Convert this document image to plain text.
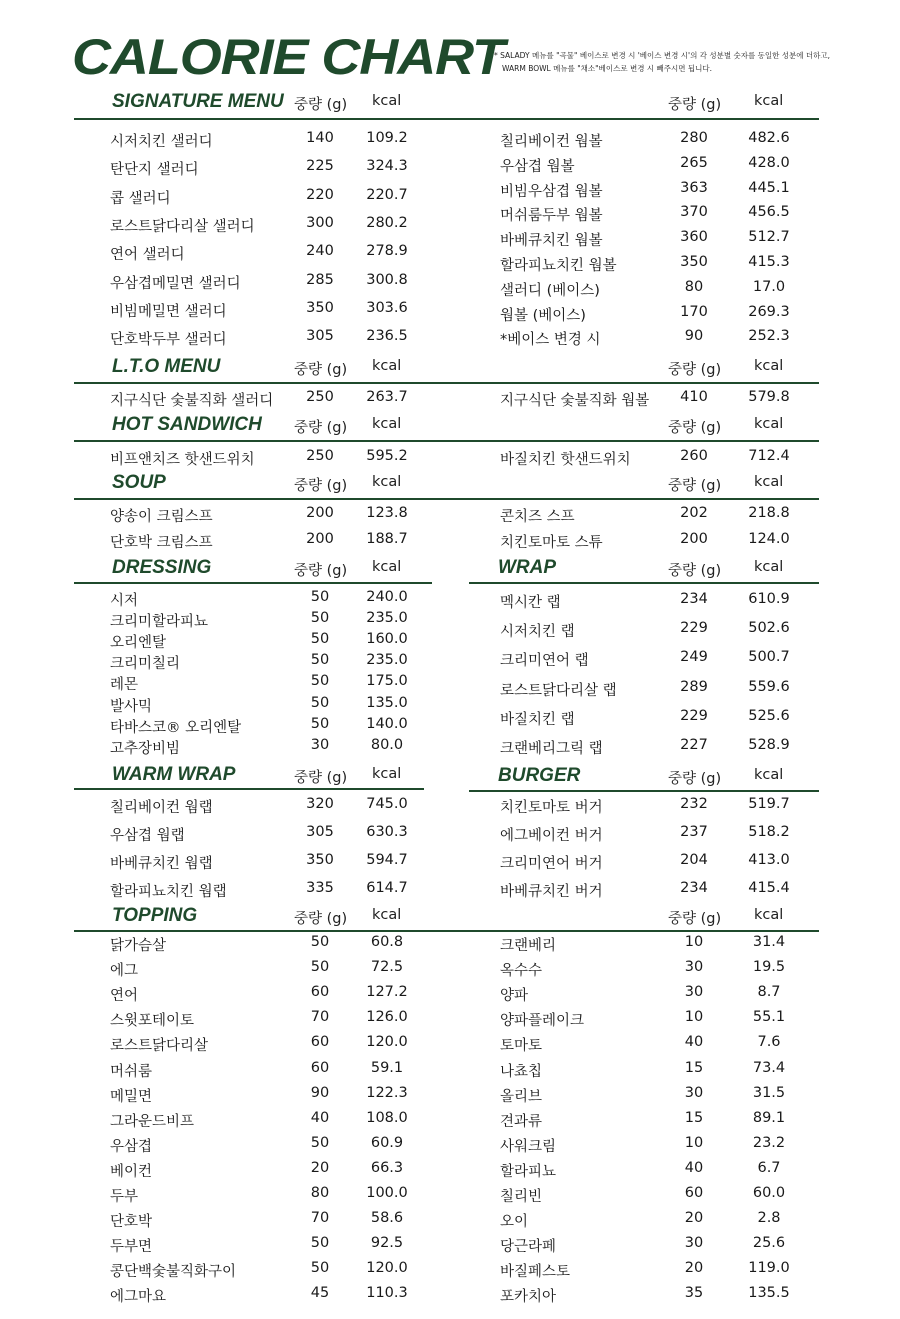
CALORIE CHART
* SALADY 메뉴를 "곡물" 베이스로 변경 시 '베이스 변경 시'의 각 성분별 숫자를 동일한 성분에 더하고,
WARM BOWL 메뉴를 "채소"베이스로 변경 시 빼주시면 됩니다.
SIGNATURE MENU 중량 (g) kcal	중량 (g) kcal
시저치킨 샐러디	140	109.2
탄단지 샐러디	225	324.3
콥 샐러디	220	220.7
로스트닭다리살 샐러디	300	280.2
연어 샐러디	240	278.9
우삼겹메밀면 샐러디	285	300.8
비빔메밀면 샐러디	350	303.6
단호박두부 샐러디	305	236.5
칠리베이컨 웜볼	280	482.6
우삼겹 웜볼	265	428.0
비빔우삼겹 웜볼	363	445.1
머쉬룸두부 웜볼	370	456.5
바베큐치킨 웜볼	360	512.7
할라피뇨치킨 웜볼	350	415.3
샐러디 (베이스)	80	17.0
웜볼 (베이스)	170	269.3
*베이스 변경 시	90	252.3
L.T.O MENU	중량 (g) kcal	중량 (g) kcal
지구식단 숯불직화 샐러디	250	263.7	지구식단 숯불직화 웜볼	410	579.8
HOT SANDWICH 중량 (g) kcal	중량 (g) kcal
비프앤치즈 핫샌드위치	250	595.2	바질치킨 핫샌드위치	260	712.4
SOUP	중량 (g) kcal	중량 (g) kcal
양송이 크림스프	200	123.8
단호박 크림스프	200	188.7
콘치즈 스프	202	218.8
치킨토마토 스튜	200	124.0
DRESSING	중량 (g) kcal
시저	50	240.0
크리미할라피뇨	50	235.0
오리엔탈	50	160.0
크리미칠리	50	235.0
레몬	50	175.0
발사믹	50	135.0
타바스코® 오리엔탈	50	140.0
고추장비빔	30	80.0
WRAP	중량 (g) kcal
멕시칸 랩	234	610.9
시저치킨 랩	229	502.6
크리미연어 랩	249	500.7
로스트닭다리살 랩	289	559.6
바질치킨 랩	229	525.6
크랜베리그릭 랩	227	528.9
WARM WRAP	중량 (g) kcal
칠리베이컨 웜랩	320	745.0
우삼겹 웜랩	305	630.3
바베큐치킨 웜랩	350	594.7
할라피뇨치킨 웜랩	335	614.7
BURGER	중량 (g) kcal
치킨토마토 버거	232	519.7
에그베이컨 버거	237	518.2
크리미연어 버거	204	413.0
바베큐치킨 버거	234	415.4
TOPPING	중량 (g) kcal	중량 (g) kcal
닭가슴살	50	60.8
에그	50	72.5
연어	60	127.2
스윗포테이토	70	126.0
로스트닭다리살	60	120.0
머쉬룸	60	59.1
메밀면	90	122.3
그라운드비프	40	108.0
우삼겹	50	60.9
베이컨	20	66.3
두부	80	100.0
단호박	70	58.6
두부면	50	92.5
콩단백숯불직화구이	50	120.0
에그마요	45	110.3
크랜베리	10	31.4
옥수수	30	19.5
양파	30	8.7
양파플레이크	10	55.1
토마토	40	7.6
나쵸칩	15	73.4
올리브	30	31.5
견과류	15	89.1
사워크림	10	23.2
할라피뇨	40	6.7
칠리빈	60	60.0
오이	20	2.8
당근라페	30	25.6
바질페스토	20	119.0
포카치아	35	135.5
